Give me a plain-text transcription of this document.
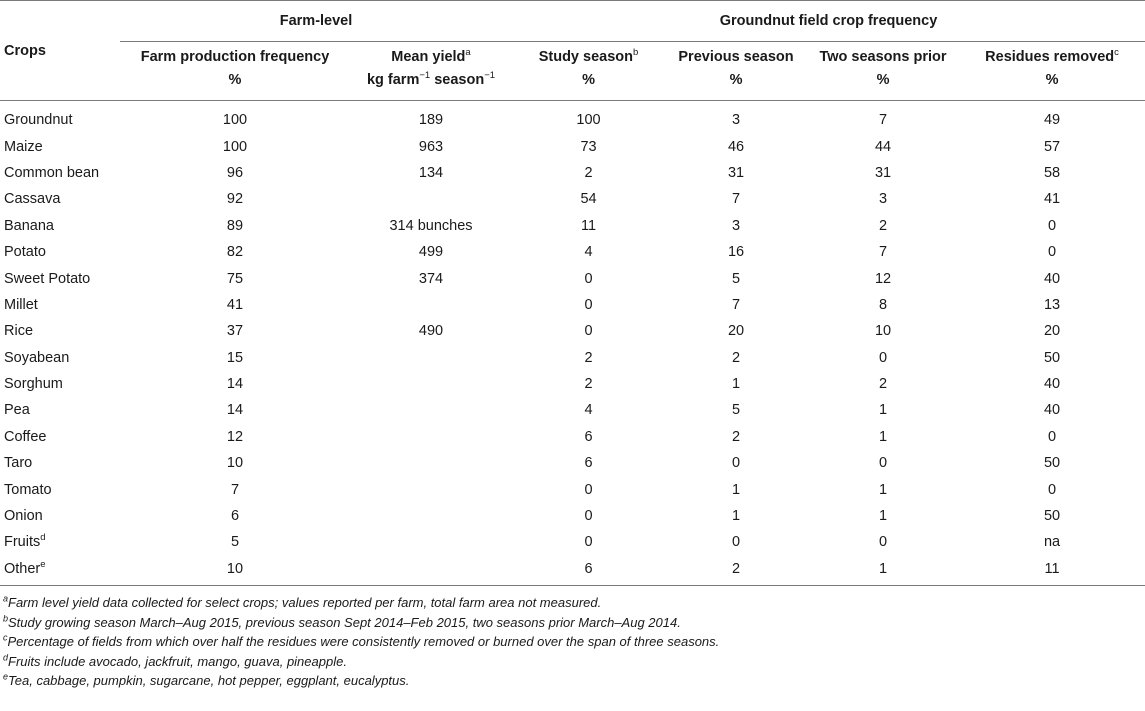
Crops	Farm-level		Groundnut field crop frequency			
	Farm production frequency	Mean yield$^a$	Study season$^b$	Previous season	Two seasons prior	Residues removed$^c$
	%	kg farm$^{-1}$ season$^{-1}$	%	%	%	%
Groundnut	100	189	100	3	7	49
Maize	100	963	73	46	44	57
Common bean	96	134	2	31	31	58
Cassava	92		54	7	3	41
Banana	89	314 bunches	11	3	2	0
Potato	82	499	4	16	7	0
Sweet Potato	75	374	0	5	12	40
Millet	41		0	7	8	13
Rice	37	490	0	20	10	20
Soyabean	15		2	2	0	50
Sorghum	14		2	1	2	40
Pea	14		4	5	1	40
Coffee	12		6	2	1	0
Taro	10		6	0	0	50
Tomato	7		0	1	1	0
Onion	6		0	1	1	50
Fruits$^d$	5		0	0	0	na
Other$^e$	10		6	2	1	11
$^a$Farm level yield data collected for select crops; values reported per farm, total farm area not measured.
$^b$Study growing season March–Aug 2015, previous season Sept 2014–Feb 2015, two seasons prior March–Aug 2014.
$^c$Percentage of fields from which over half the residues were consistently removed or burned over the span of three seasons.
$^d$Fruits include avocado, jackfruit, mango, guava, pineapple.
$^e$Tea, cabbage, pumpkin, sugarcane, hot pepper, eggplant, eucalyptus.
